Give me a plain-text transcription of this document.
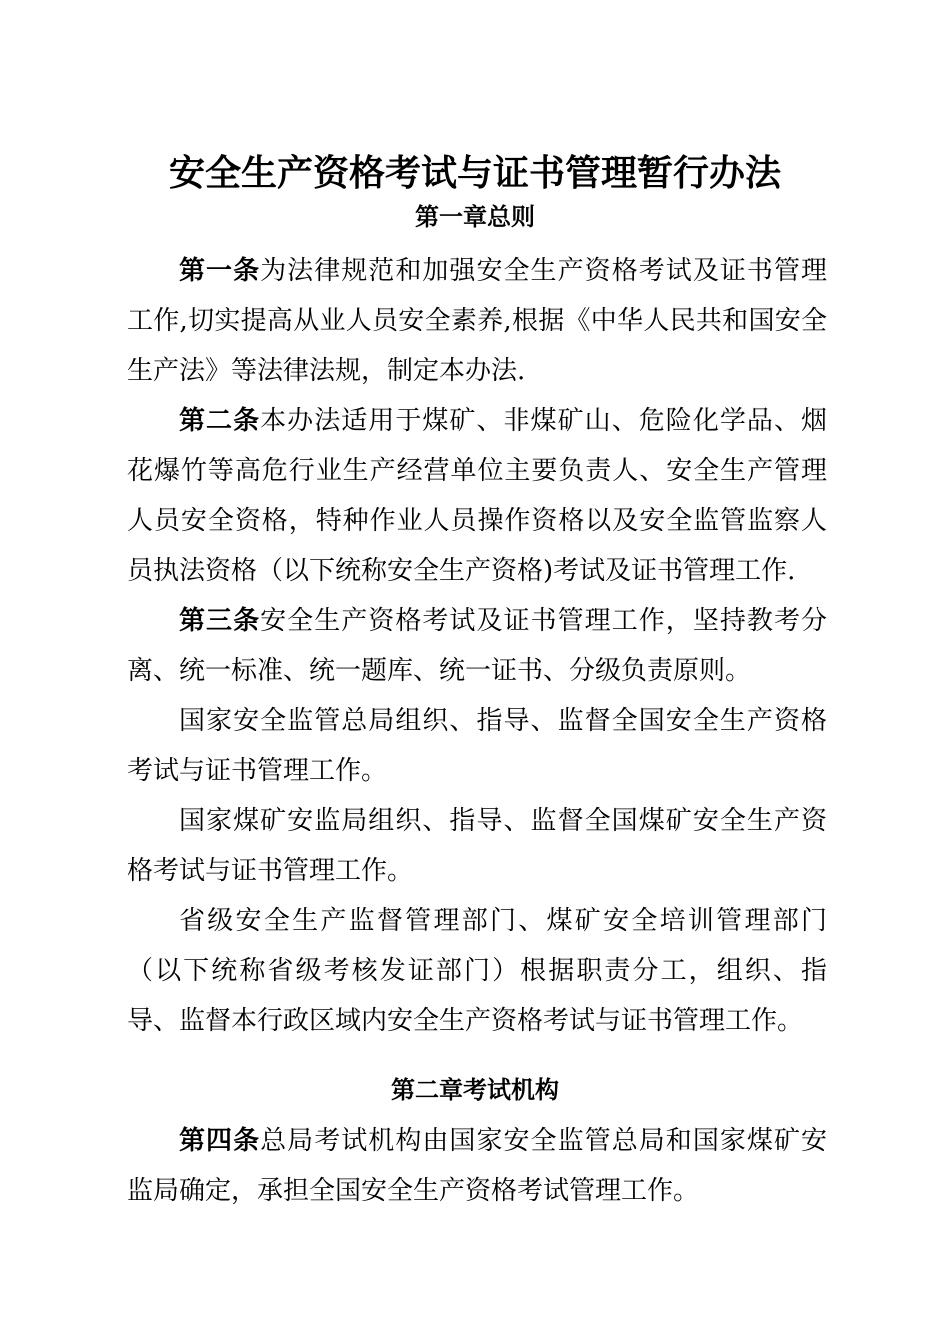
安全生产资格考试与证书管理暂行办法
第一章总则

第一条为法律规范和加强安全生产资格考试及证书管理工作,切实提高从业人员安全素养,根据《中华人民共和国安全生产法》等法律法规，制定本办法.

第二条本办法适用于煤矿、非煤矿山、危险化学品、烟花爆竹等高危行业生产经营单位主要负责人、安全生产管理人员安全资格，特种作业人员操作资格以及安全监管监察人员执法资格（以下统称安全生产资格)考试及证书管理工作.

第三条安全生产资格考试及证书管理工作，坚持教考分离、统一标准、统一题库、统一证书、分级负责原则。

国家安全监管总局组织、指导、监督全国安全生产资格考试与证书管理工作。

国家煤矿安监局组织、指导、监督全国煤矿安全生产资格考试与证书管理工作。

省级安全生产监督管理部门、煤矿安全培训管理部门（以下统称省级考核发证部门）根据职责分工，组织、指导、监督本行政区域内安全生产资格考试与证书管理工作。

第二章考试机构

第四条总局考试机构由国家安全监管总局和国家煤矿安监局确定，承担全国安全生产资格考试管理工作。
